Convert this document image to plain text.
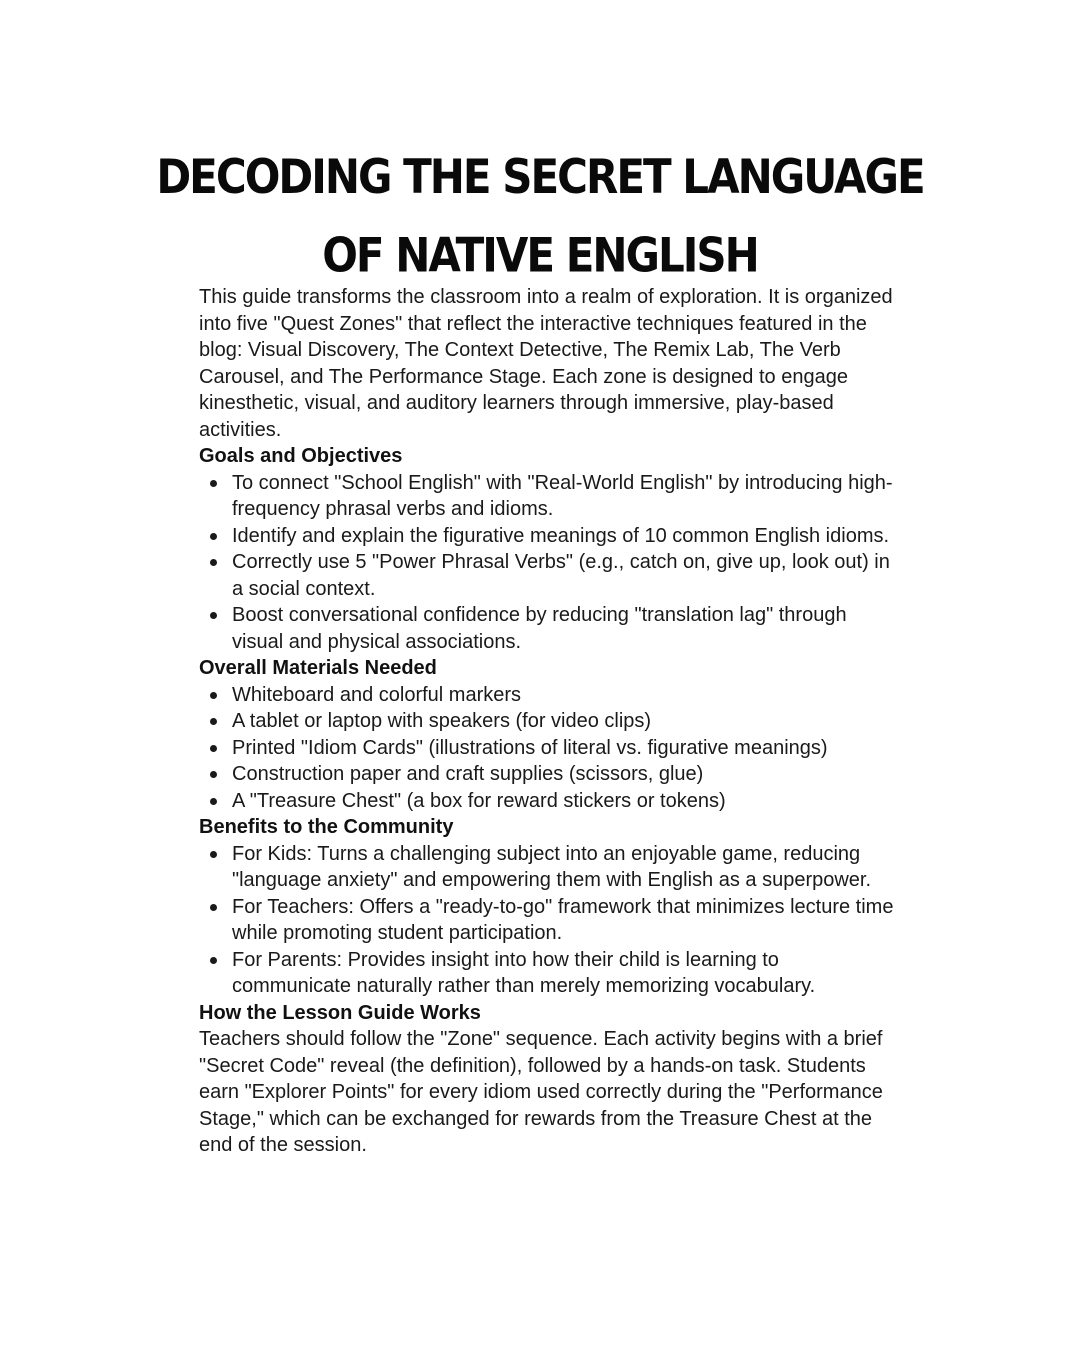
DECODING THE SECRET LANGUAGE
OF NATIVE ENGLISH

This guide transforms the classroom into a realm of exploration. It is organized into five "Quest Zones" that reflect the interactive techniques featured in the blog: Visual Discovery, The Context Detective, The Remix Lab, The Verb Carousel, and The Performance Stage. Each zone is designed to engage kinesthetic, visual, and auditory learners through immersive, play-based activities.

Goals and Objectives
To connect "School English" with "Real-World English" by introducing high-frequency phrasal verbs and idioms.
Identify and explain the figurative meanings of 10 common English idioms.
Correctly use 5 "Power Phrasal Verbs" (e.g., catch on, give up, look out) in a social context.
Boost conversational confidence by reducing "translation lag" through visual and physical associations.
Overall Materials Needed
Whiteboard and colorful markers
A tablet or laptop with speakers (for video clips)
Printed "Idiom Cards" (illustrations of literal vs. figurative meanings)
Construction paper and craft supplies (scissors, glue)
A "Treasure Chest" (a box for reward stickers or tokens)
Benefits to the Community
For Kids: Turns a challenging subject into an enjoyable game, reducing "language anxiety" and empowering them with English as a superpower.
For Teachers: Offers a "ready-to-go" framework that minimizes lecture time while promoting student participation.
For Parents: Provides insight into how their child is learning to communicate naturally rather than merely memorizing vocabulary.
How the Lesson Guide Works

Teachers should follow the "Zone" sequence. Each activity begins with a brief "Secret Code" reveal (the definition), followed by a hands-on task. Students earn "Explorer Points" for every idiom used correctly during the "Performance Stage," which can be exchanged for rewards from the Treasure Chest at the end of the session.
